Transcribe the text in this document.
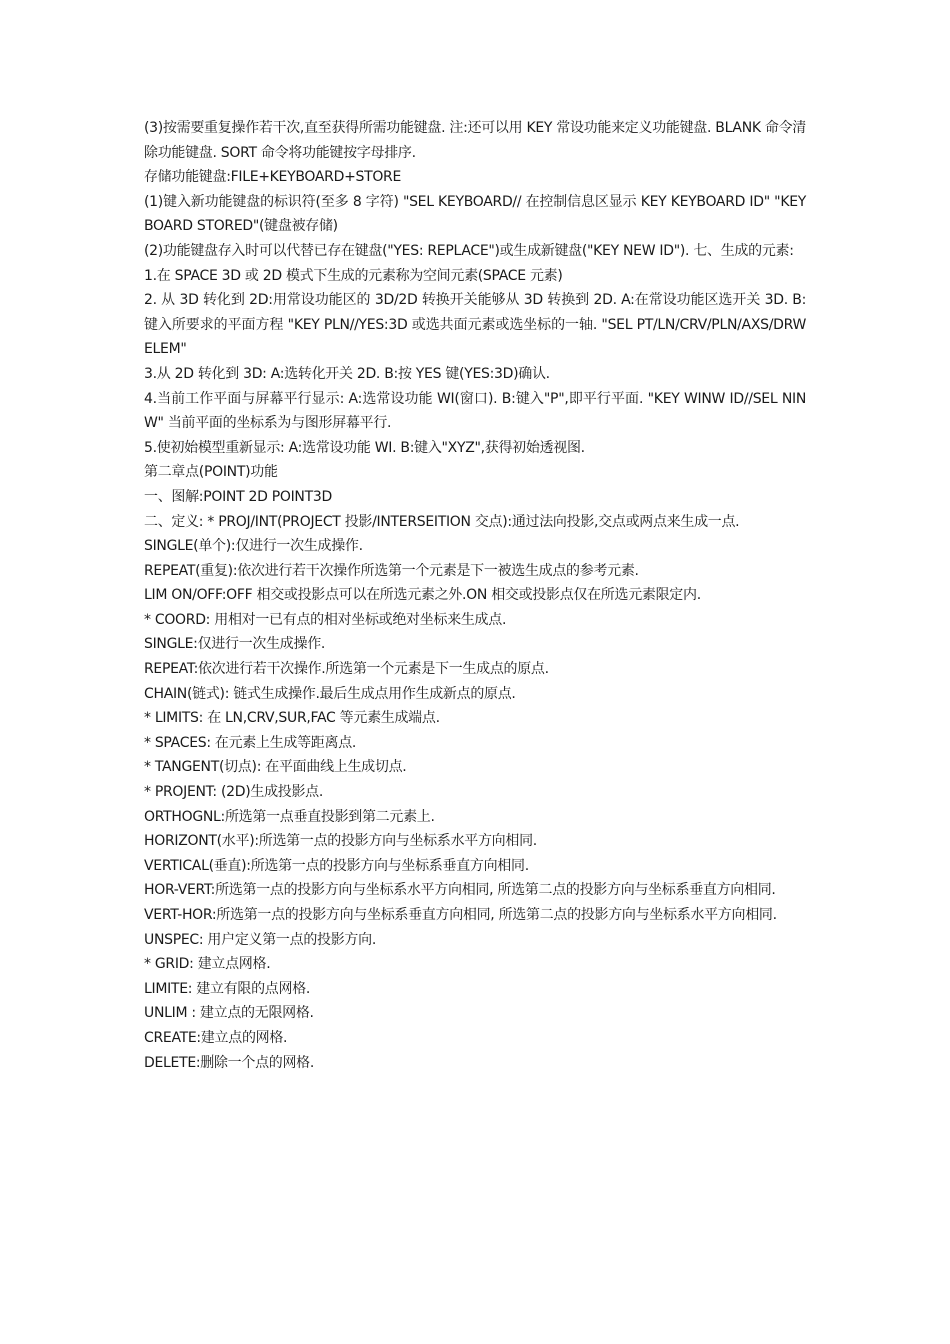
(3)按需要重复操作若干次,直至获得所需功能键盘. 注:还可以用 KEY 常设功能来定义功能键盘. BLANK 命令清除功能键盘. SORT 命令将功能键按字母排序.

存储功能键盘:FILE+KEYBOARD+STORE

(1)键入新功能键盘的标识符(至多 8 字符) "SEL KEYBOARD// 在控制信息区显示 KEY KEYBOARD ID" "KEYBOARD STORED"(键盘被存储)

(2)功能键盘存入时可以代替已存在键盘("YES: REPLACE")或生成新键盘("KEY NEW ID"). 七、生成的元素:

1.在 SPACE 3D 或 2D 模式下生成的元素称为空间元素(SPACE 元素)

2. 从 3D 转化到 2D:用常设功能区的 3D/2D 转换开关能够从 3D 转换到 2D. A:在常设功能区选开关 3D. B:键入所要求的平面方程 "KEY PLN//YES:3D 或选共面元素或选坐标的一轴. "SEL PT/LN/CRV/PLN/AXS/DRW ELEM"

3.从 2D 转化到 3D: A:选转化开关 2D. B:按 YES 键(YES:3D)确认.

4.当前工作平面与屏幕平行显示: A:选常设功能 WI(窗口). B:键入"P",即平行平面. "KEY WINW ID//SEL NINW" 当前平面的坐标系为与图形屏幕平行.

5.使初始模型重新显示: A:选常设功能 WI. B:键入"XYZ",获得初始透视图.

第二章点(POINT)功能

一、图解:POINT 2D POINT3D

二、定义: * PROJ/INT(PROJECT 投影/INTERSEITION 交点):通过法向投影,交点或两点来生成一点.

SINGLE(单个):仅进行一次生成操作.

REPEAT(重复):依次进行若干次操作所选第一个元素是下一被选生成点的参考元素.

LIM ON/OFF:OFF 相交或投影点可以在所选元素之外.ON 相交或投影点仅在所选元素限定内.

* COORD: 用相对一已有点的相对坐标或绝对坐标来生成点.

SINGLE:仅进行一次生成操作.

REPEAT:依次进行若干次操作.所选第一个元素是下一生成点的原点.

CHAIN(链式): 链式生成操作.最后生成点用作生成新点的原点.

* LIMITS: 在 LN,CRV,SUR,FAC 等元素生成端点.

* SPACES: 在元素上生成等距离点.

* TANGENT(切点): 在平面曲线上生成切点.

* PROJENT: (2D)生成投影点.

ORTHOGNL:所选第一点垂直投影到第二元素上.

HORIZONT(水平):所选第一点的投影方向与坐标系水平方向相同.

VERTICAL(垂直):所选第一点的投影方向与坐标系垂直方向相同.

HOR-VERT:所选第一点的投影方向与坐标系水平方向相同, 所选第二点的投影方向与坐标系垂直方向相同.

VERT-HOR:所选第一点的投影方向与坐标系垂直方向相同, 所选第二点的投影方向与坐标系水平方向相同.

UNSPEC: 用户定义第一点的投影方向.

* GRID: 建立点网格.

LIMITE: 建立有限的点网格.

UNLIM : 建立点的无限网格.

CREATE:建立点的网格.

DELETE:删除一个点的网格.
